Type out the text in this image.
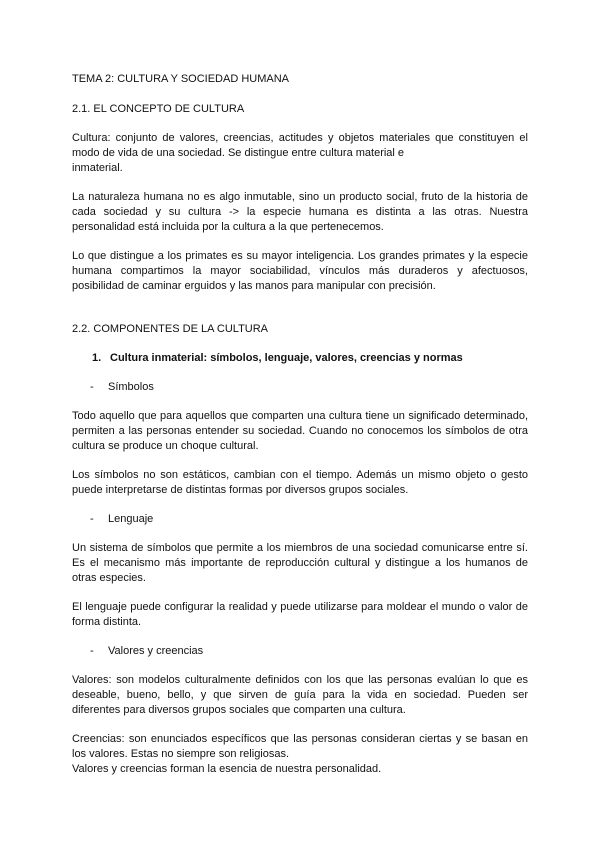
TEMA 2: CULTURA Y SOCIEDAD HUMANA
2.1. EL CONCEPTO DE CULTURA
Cultura: conjunto de valores, creencias, actitudes y objetos materiales que constituyen el
modo de vida de una sociedad. Se distingue entre cultura material e
inmaterial.
La naturaleza humana no es algo inmutable, sino un producto social, fruto de la historia de
cada sociedad y su cultura -> la especie humana es distinta a las otras. Nuestra
personalidad está incluida por la cultura a la que pertenecemos.
Lo que distingue a los primates es su mayor inteligencia. Los grandes primates y la especie
humana compartimos la mayor sociabilidad, vínculos más duraderos y afectuosos,
posibilidad de caminar erguidos y las manos para manipular con precisión.
2.2. COMPONENTES DE LA CULTURA
1. Cultura inmaterial: símbolos, lenguaje, valores, creencias y normas
- Símbolos
Todo aquello que para aquellos que comparten una cultura tiene un significado determinado,
permiten a las personas entender su sociedad. Cuando no conocemos los símbolos de otra
cultura se produce un choque cultural.
Los símbolos no son estáticos, cambian con el tiempo. Además un mismo objeto o gesto
puede interpretarse de distintas formas por diversos grupos sociales.
- Lenguaje
Un sistema de símbolos que permite a los miembros de una sociedad comunicarse entre sí.
Es el mecanismo más importante de reproducción cultural y distingue a los humanos de
otras especies.
El lenguaje puede configurar la realidad y puede utilizarse para moldear el mundo o valor de
forma distinta.
- Valores y creencias
Valores: son modelos culturalmente definidos con los que las personas evalúan lo que es
deseable, bueno, bello, y que sirven de guía para la vida en sociedad. Pueden ser
diferentes para diversos grupos sociales que comparten una cultura.
Creencias: son enunciados específicos que las personas consideran ciertas y se basan en
los valores. Estas no siempre son religiosas.
Valores y creencias forman la esencia de nuestra personalidad.
